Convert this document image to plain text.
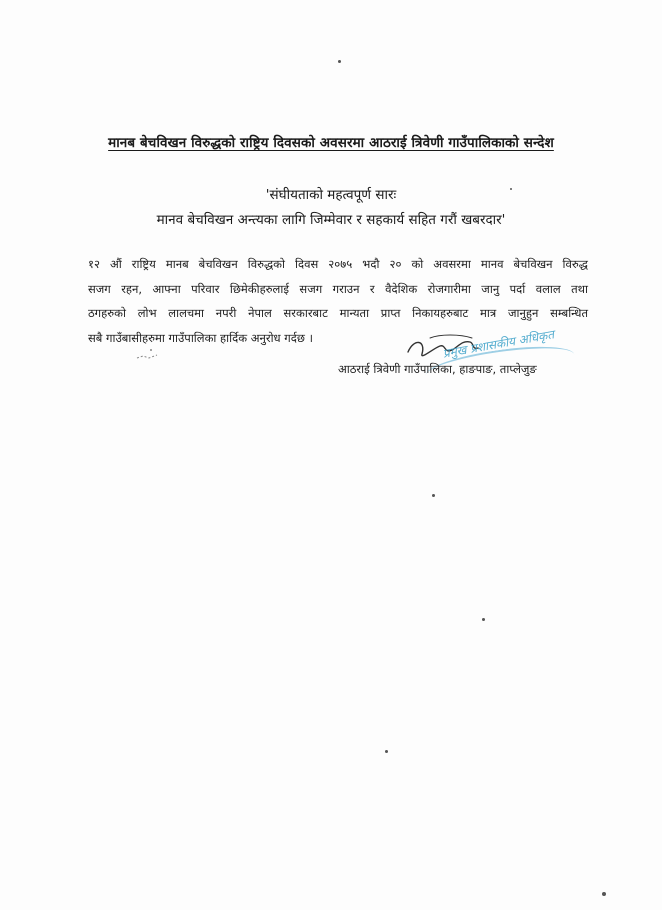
मानब बेचविखन विरुद्धको राष्ट्रिय दिवसको अवसरमा आठराई त्रिवेणी गाउँपालिकाको सन्देश
'संघीयताको महत्वपूर्ण सारः
मानव बेचविखन अन्त्यका लागि जिम्मेवार र सहकार्य सहित गरौं खबरदार'
१२ औं राष्ट्रिय मानब बेचविखन विरुद्धको दिवस २०७५ भदौ २० को अवसरमा मानव बेचविखन विरुद्ध
सजग रहन, आफ्ना परिवार छिमेकीहरुलाई सजग गराउन र वैदेशिक रोजगारीमा जानु पर्दा वलाल तथा
ठगहरुको लोभ लालचमा नपरी नेपाल सरकारबाट मान्यता प्राप्त निकायहरुबाट मात्र जानुहुन सम्बन्धित
सबै गाउँबासीहरुमा गाउँपालिका हार्दिक अनुरोध गर्दछ ।	प्रमुख प्रशासकीय अधिकृत
आठराई त्रिवेणी गाउँपालिका, हाङपाङ, ताप्लेजुङ
